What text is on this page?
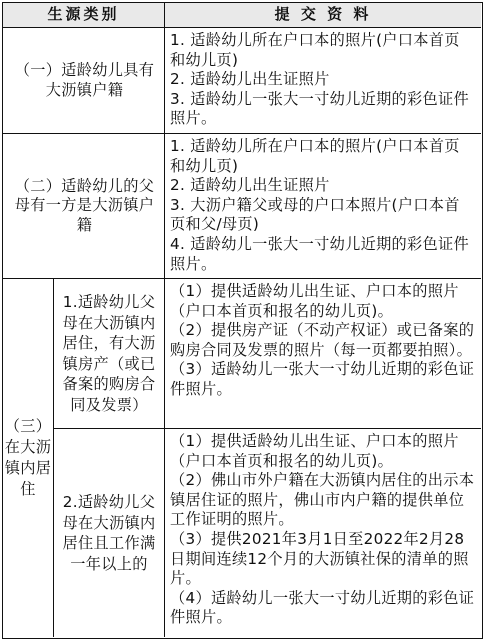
生源类别	提 交 资 料
（一）适龄幼儿具有大沥镇户籍

1. 适龄幼儿所在户口本的照片(户口本首页和幼儿页)

2. 适龄幼儿出生证照片

3. 适龄幼儿一张大一寸幼儿近期的彩色证件照片。

（二）适龄幼儿的父母有一方是大沥镇户籍

1. 适龄幼儿所在户口本的照片(户口本首页和幼儿页)

2. 适龄幼儿出生证照片

3. 大沥户籍父或母的户口本照片(户口本首页和父/母页)

4. 适龄幼儿一张大一寸幼儿近期的彩色证件照片。

（三）在大沥镇内居住
1.适龄幼儿父母在大沥镇内居住，有大沥镇房产（或已备案的购房合同及发票）

（1）提供适龄幼儿出生证、户口本的照片（户口本首页和报名的幼儿页)。

（2）提供房产证（不动产权证）或已备案的购房合同及发票的照片（每一页都要拍照）。

（3）适龄幼儿一张大一寸幼儿近期的彩色证件照片。

2.适龄幼儿父母在大沥镇内居住且工作满一年以上的

（1）提供适龄幼儿出生证、户口本的照片（户口本首页和报名的幼儿页)。

（2）佛山市外户籍在大沥镇内居住的出示本镇居住证的照片，佛山市内户籍的提供单位工作证明的照片。

（3）提供2021年3月1日至2022年2月28日期间连续12个月的大沥镇社保的清单的照片。

（4）适龄幼儿一张大一寸幼儿近期的彩色证件照片。
